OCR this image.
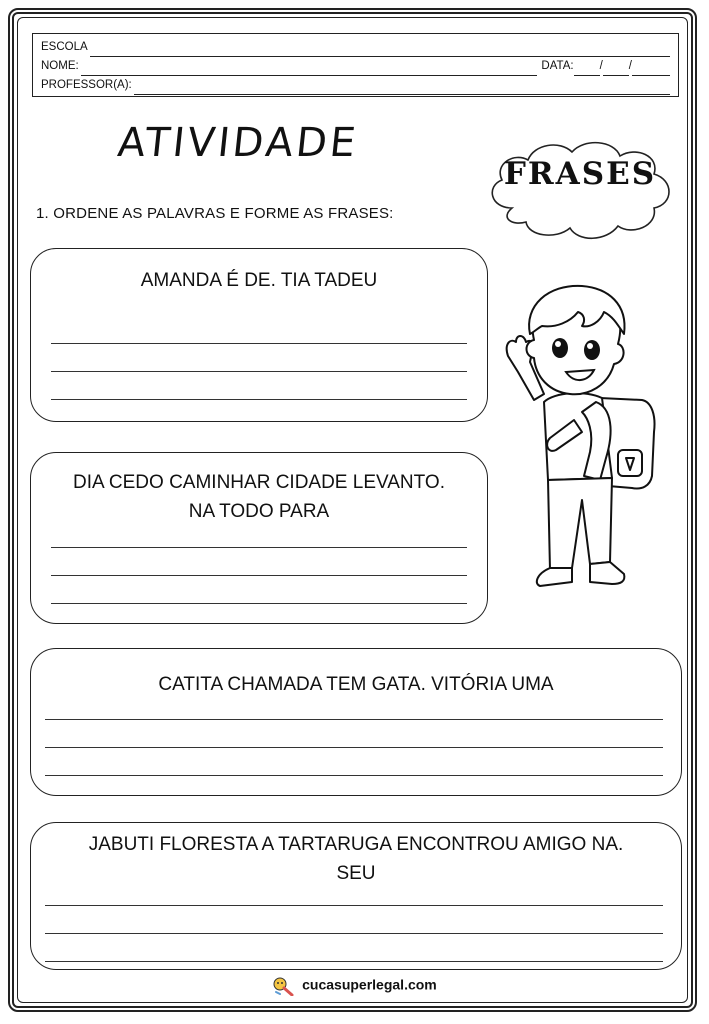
ESCOLA
NOME:	DATA: / /
PROFESSOR(A):
ATIVIDADE
FRASES
1. ORDENE AS PALAVRAS E FORME AS FRASES:
AMANDA É DE. TIA TADEU
DIA CEDO CAMINHAR CIDADE LEVANTO.
NA TODO PARA
CATITA CHAMADA TEM GATA. VITÓRIA UMA
JABUTI FLORESTA A TARTARUGA ENCONTROU AMIGO NA.
SEU
cucasuperlegal.com
